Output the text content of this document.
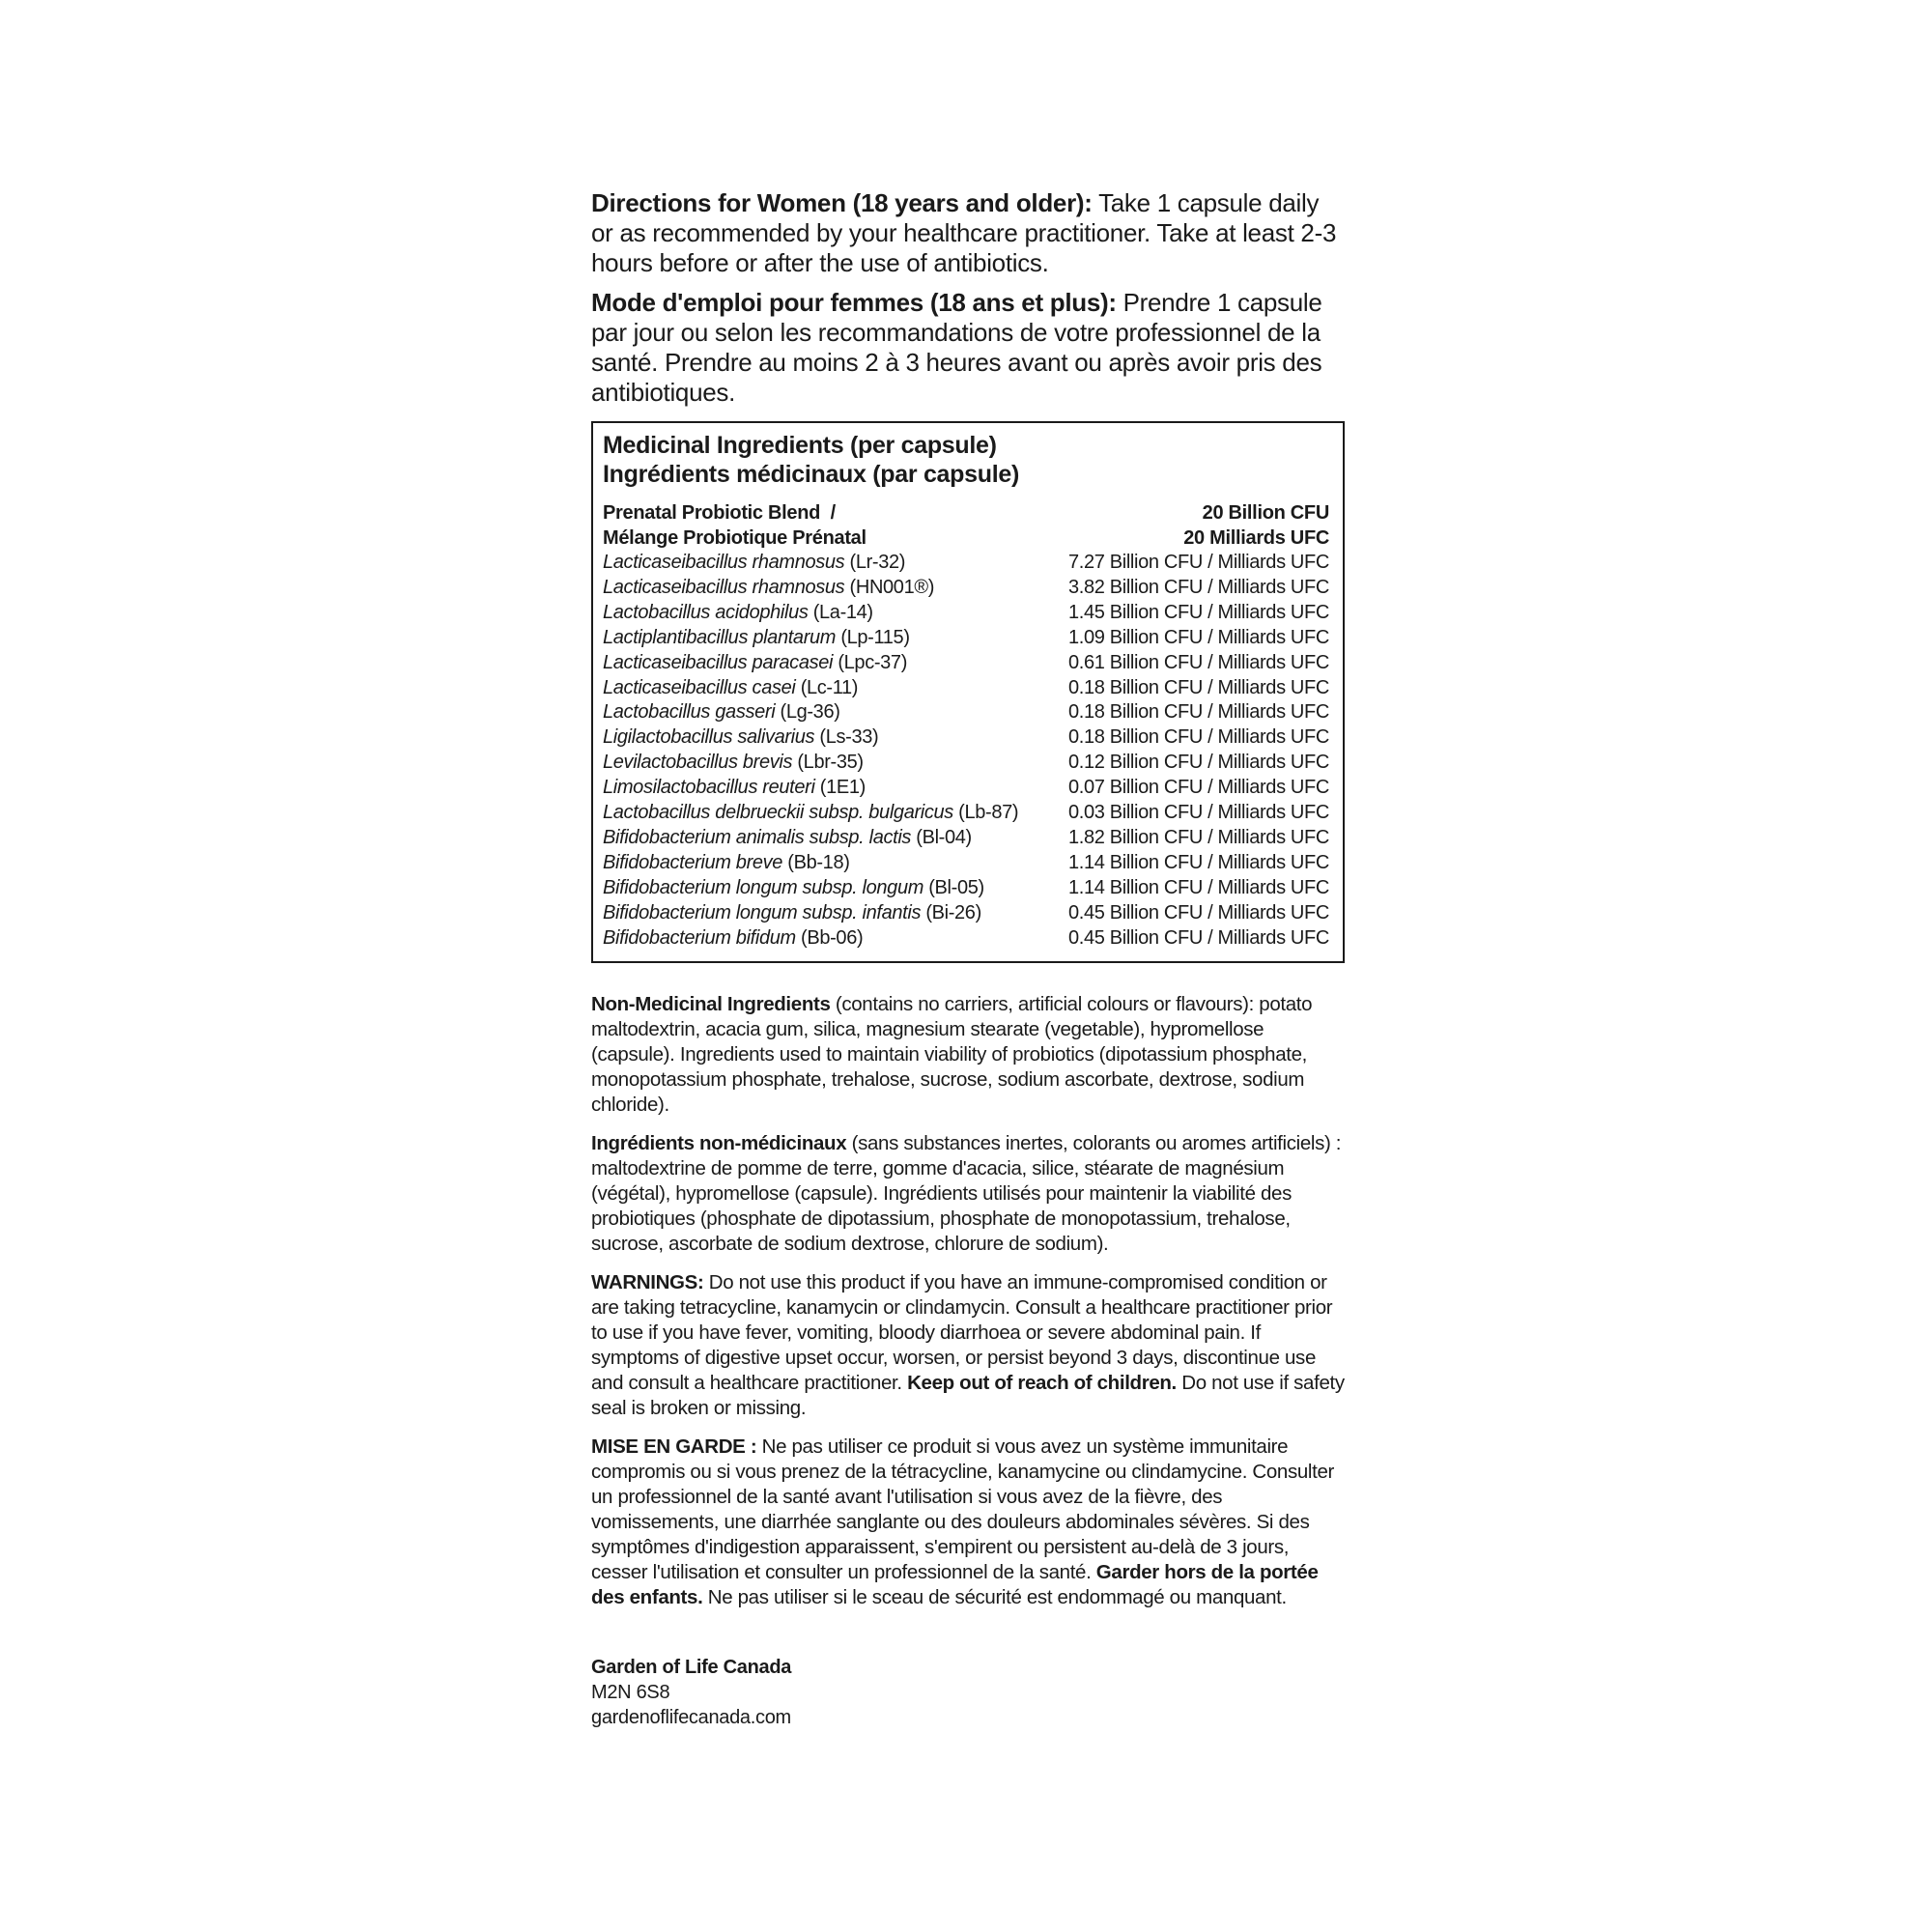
Directions for Women (18 years and older): Take 1 capsule daily or as recommended by your healthcare practitioner. Take at least 2-3 hours before or after the use of antibiotics.

Mode d'emploi pour femmes (18 ans et plus): Prendre 1 capsule par jour ou selon les recommandations de votre professionnel de la santé. Prendre au moins 2 à 3 heures avant ou après avoir pris des antibiotiques.

Medicinal Ingredients (per capsule)
Ingrédients médicinaux (par capsule)
Prenatal Probiotic Blend  /	20 Billion CFU
Mélange Probiotique Prénatal	20 Milliards UFC
Lacticaseibacillus rhamnosus (Lr-32)	7.27 Billion CFU / Milliards UFC
Lacticaseibacillus rhamnosus (HN001®)	3.82 Billion CFU / Milliards UFC
Lactobacillus acidophilus (La-14)	1.45 Billion CFU / Milliards UFC
Lactiplantibacillus plantarum (Lp-115)	1.09 Billion CFU / Milliards UFC
Lacticaseibacillus paracasei (Lpc-37)	0.61 Billion CFU / Milliards UFC
Lacticaseibacillus casei (Lc-11)	0.18 Billion CFU / Milliards UFC
Lactobacillus gasseri (Lg-36)	0.18 Billion CFU / Milliards UFC
Ligilactobacillus salivarius (Ls-33)	0.18 Billion CFU / Milliards UFC
Levilactobacillus brevis (Lbr-35)	0.12 Billion CFU / Milliards UFC
Limosilactobacillus reuteri (1E1)	0.07 Billion CFU / Milliards UFC
Lactobacillus delbrueckii subsp. bulgaricus (Lb-87)	0.03 Billion CFU / Milliards UFC
Bifidobacterium animalis subsp. lactis (Bl-04)	1.82 Billion CFU / Milliards UFC
Bifidobacterium breve (Bb-18)	1.14 Billion CFU / Milliards UFC
Bifidobacterium longum subsp. longum (Bl-05)	1.14 Billion CFU / Milliards UFC
Bifidobacterium longum subsp. infantis (Bi-26)	0.45 Billion CFU / Milliards UFC
Bifidobacterium bifidum (Bb-06)	0.45 Billion CFU / Milliards UFC

Non-Medicinal Ingredients (contains no carriers, artificial colours or flavours): potato maltodextrin, acacia gum, silica, magnesium stearate (vegetable), hypromellose (capsule). Ingredients used to maintain viability of probiotics (dipotassium phosphate, monopotassium phosphate, trehalose, sucrose, sodium ascorbate, dextrose, sodium chloride).

Ingrédients non-médicinaux (sans substances inertes, colorants ou aromes artificiels) : maltodextrine de pomme de terre, gomme d'acacia, silice, stéarate de magnésium (végétal), hypromellose (capsule). Ingrédients utilisés pour maintenir la viabilité des probiotiques (phosphate de dipotassium, phosphate de monopotassium, trehalose, sucrose, ascorbate de sodium dextrose, chlorure de sodium).

WARNINGS: Do not use this product if you have an immune-compromised condition or are taking tetracycline, kanamycin or clindamycin. Consult a healthcare practitioner prior to use if you have fever, vomiting, bloody diarrhoea or severe abdominal pain. If symptoms of digestive upset occur, worsen, or persist beyond 3 days, discontinue use and consult a healthcare practitioner. Keep out of reach of children. Do not use if safety seal is broken or missing.

MISE EN GARDE : Ne pas utiliser ce produit si vous avez un système immunitaire compromis ou si vous prenez de la tétracycline, kanamycine ou clindamycine. Consulter un professionnel de la santé avant l'utilisation si vous avez de la fièvre, des vomissements, une diarrhée sanglante ou des douleurs abdominales sévères. Si des symptômes d'indigestion apparaissent, s'empirent ou persistent au-delà de 3 jours, cesser l'utilisation et consulter un professionnel de la santé. Garder hors de la portée des enfants. Ne pas utiliser si le sceau de sécurité est endommagé ou manquant.

Garden of Life Canada
M2N 6S8
gardenoflifecanada.com
